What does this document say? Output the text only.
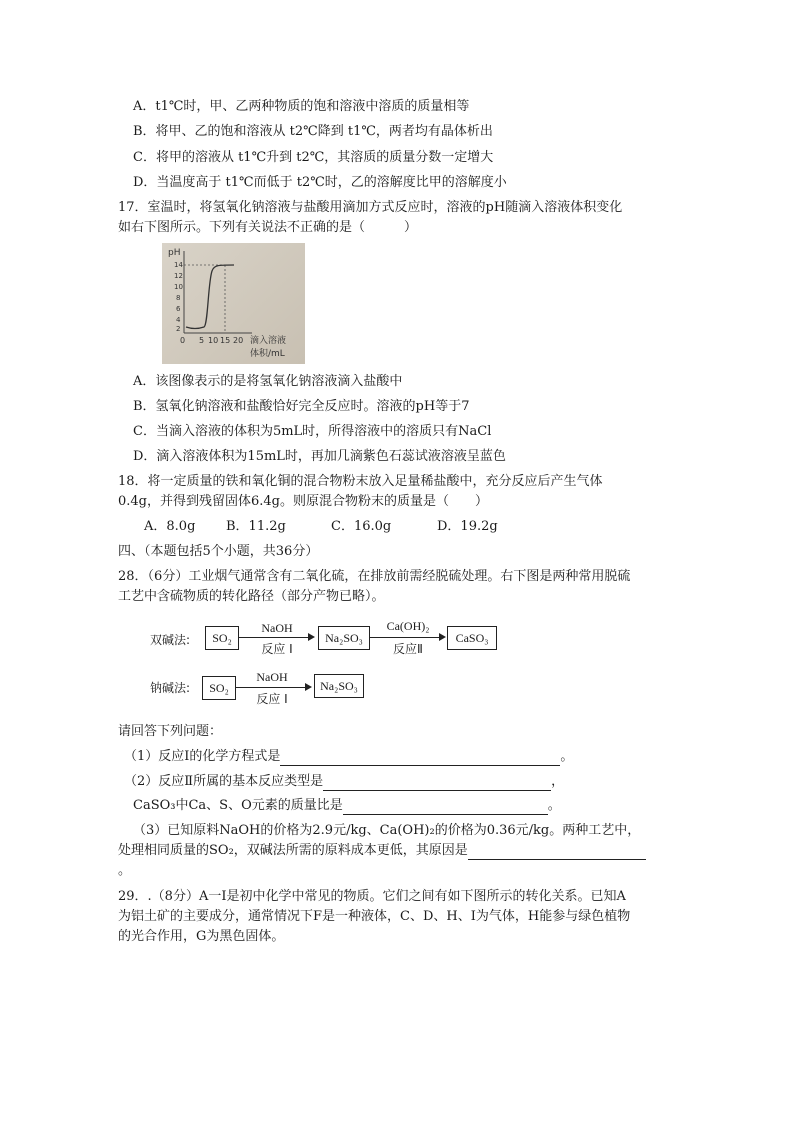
A．t1℃时，甲、乙两种物质的饱和溶液中溶质的质量相等
B．将甲、乙的饱和溶液从 t2℃降到 t1℃，两者均有晶体析出
C．将甲的溶液从 t1℃升到 t2℃，其溶质的质量分数一定增大
D．当温度高于 t1℃而低于 t2℃时，乙的溶解度比甲的溶解度小
17．室温时，将氢氧化钠溶液与盐酸用滴加方式反应时，溶液的pH随滴入溶液体积变化
如右下图所示。下列有关说法不正确的是（　　　）
pH
14
12
10
8
6
4
2
0 5 10 15 20 滴入溶液
体积/mL
A．该图像表示的是将氢氧化钠溶液滴入盐酸中
B．氢氧化钠溶液和盐酸恰好完全反应时。溶液的pH等于7
C．当滴入溶液的体积为5mL时，所得溶液中的溶质只有NaCl
D．滴入溶液体积为15mL时，再加几滴紫色石蕊试液溶液呈蓝色
18．将一定质量的铁和氧化铜的混合物粉末放入足量稀盐酸中，充分反应后产生气体
0.4g，并得到残留固体6.4g。则原混合物粉末的质量是（　　）
A．8.0g B．11.2g	C．16.0g	D．19.2g
四、（本题包括5个小题，共36分）
28．（6分）工业烟气通常含有二氧化硫，在排放前需经脱硫处理。右下图是两种常用脱硫
工艺中含硫物质的转化路径（部分产物已略）。
双碱法:	SO₂
NaOH
反应 I
Na₂SO₃
Ca(OH)₂
反应Ⅱ
CaSO₃
钠碱法:	SO₂
NaOH
反应 I
Na₂SO₃
请回答下列问题：
（1）反应Ⅰ的化学方程式是	。
（2）反应Ⅱ所属的基本反应类型是	，
CaSO₃中Ca、S、O元素的质量比是	。
（3）已知原料NaOH的价格为2.9元/kg、Ca(OH)₂的价格为0.36元/kg。两种工艺中，
处理相同质量的SO₂，双碱法所需的原料成本更低，其原因是
。
29．.（8分）A一I是初中化学中常见的物质。它们之间有如下图所示的转化关系。已知A
为铝土矿的主要成分，通常情况下F是一种液体，C、D、H、I为气体，H能参与绿色植物
的光合作用，G为黑色固体。
